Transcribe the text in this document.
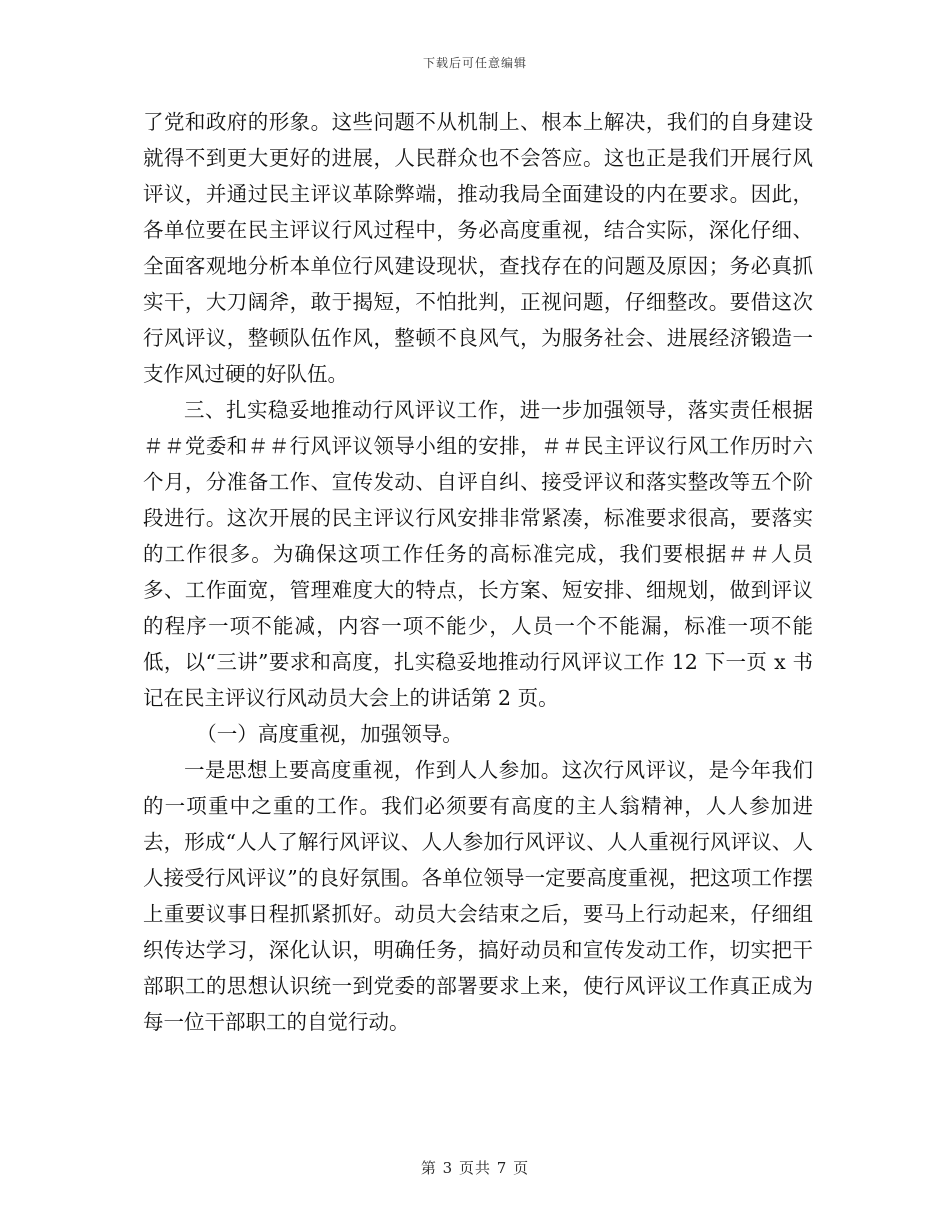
下载后可任意编辑

了党和政府的形象。这些问题不从机制上、根本上解决，我们的自身建设就得不到更大更好的进展，人民群众也不会答应。这也正是我们开展行风评议，并通过民主评议革除弊端，推动我局全面建设的内在要求。因此，各单位要在民主评议行风过程中，务必高度重视，结合实际，深化仔细、全面客观地分析本单位行风建设现状，查找存在的问题及原因；务必真抓实干，大刀阔斧，敢于揭短，不怕批判，正视问题，仔细整改。要借这次行风评议，整顿队伍作风，整顿不良风气，为服务社会、进展经济锻造一支作风过硬的好队伍。

三、扎实稳妥地推动行风评议工作，进一步加强领导，落实责任根据＃＃党委和＃＃行风评议领导小组的安排，＃＃民主评议行风工作历时六个月，分准备工作、宣传发动、自评自纠、接受评议和落实整改等五个阶段进行。这次开展的民主评议行风安排非常紧凑，标准要求很高，要落实的工作很多。为确保这项工作任务的高标准完成，我们要根据＃＃人员多、工作面宽，管理难度大的特点，长方案、短安排、细规划，做到评议的程序一项不能减，内容一项不能少，人员一个不能漏，标准一项不能低，以“三讲”要求和高度，扎实稳妥地推动行风评议工作 12 下一页 x 书记在民主评议行风动员大会上的讲话第 2 页。

（一）高度重视，加强领导。

一是思想上要高度重视，作到人人参加。这次行风评议，是今年我们的一项重中之重的工作。我们必须要有高度的主人翁精神，人人参加进去，形成“人人了解行风评议、人人参加行风评议、人人重视行风评议、人人接受行风评议”的良好氛围。各单位领导一定要高度重视，把这项工作摆上重要议事日程抓紧抓好。动员大会结束之后，要马上行动起来，仔细组织传达学习，深化认识，明确任务，搞好动员和宣传发动工作，切实把干部职工的思想认识统一到党委的部署要求上来，使行风评议工作真正成为每一位干部职工的自觉行动。

第 3 页共 7 页
